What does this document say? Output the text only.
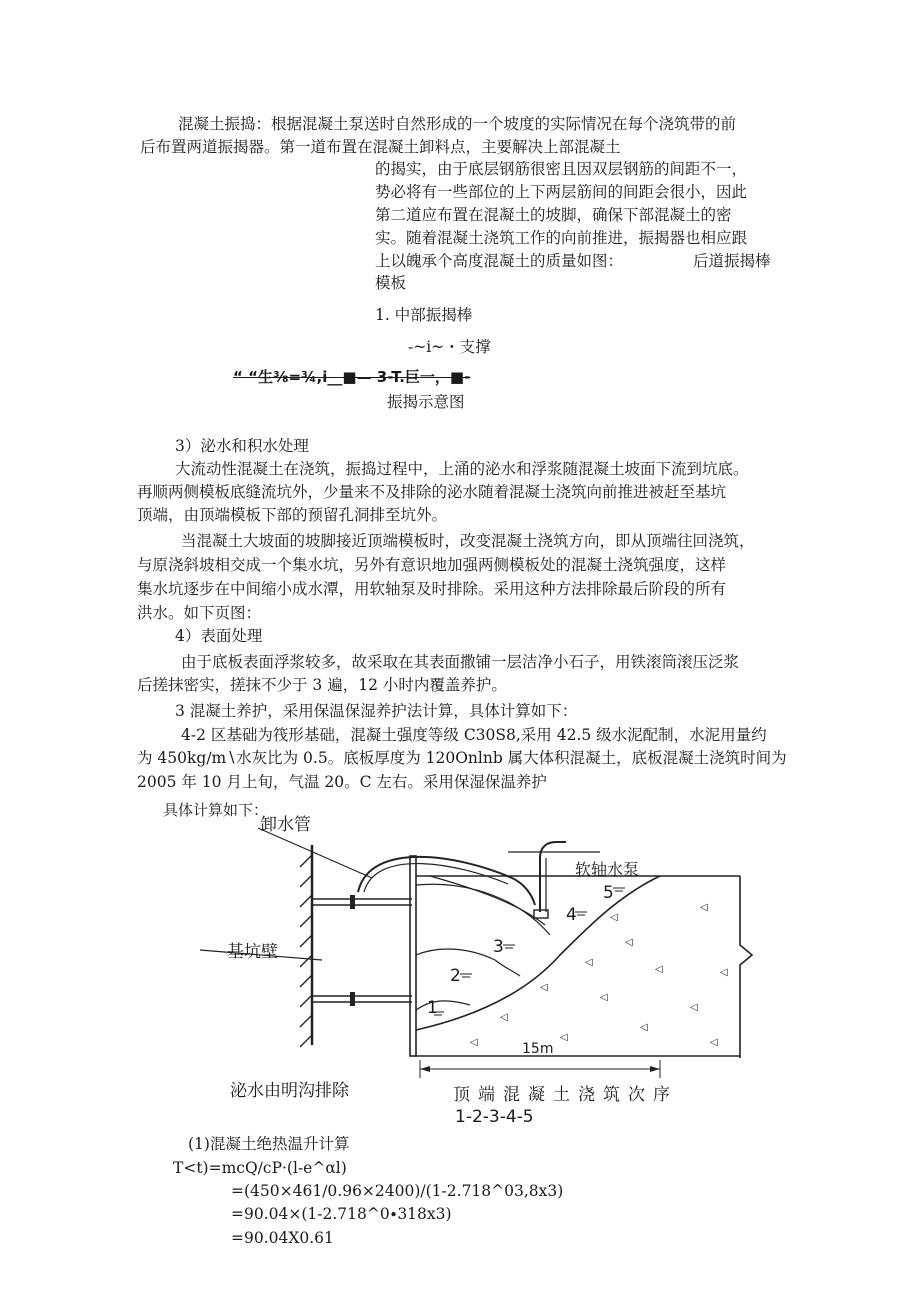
混凝土振捣：根据混凝土泵送时自然形成的一个坡度的实际情况在每个浇筑带的前
后布置两道振揭器。第一道布置在混凝土卸料点，主要解决上部混凝土
的揭实，由于底层钢筋很密且因双层钢筋的间距不一，
势必将有一些部位的上下两层筋间的间距会很小，因此
第二道应布置在混凝土的坡脚，确保下部混凝土的密
实。随着混凝土浇筑工作的向前推进，振揭器也相应跟
上以魄承个高度混凝土的质量如图：	后道振揭棒
模板
1. 中部振揭棒
-~i~・支撑
“ “生⅜=¾,i__■— 3-T.巨一，■-
振揭示意图
3）泌水和积水处理
大流动性混凝土在浇筑，振捣过程中，上涌的泌水和浮浆随混凝土坡面下流到坑底。
再顺两侧模板底缝流坑外，少量来不及排除的泌水随着混凝土浇筑向前推进被赶至基坑
顶端，由顶端模板下部的预留孔洞排至坑外。
当混凝土大坡面的坡脚接近顶端模板时，改变混凝土浇筑方向，即从顶端往回浇筑，
与原浇斜坡相交成一个集水坑，另外有意识地加强两侧模板处的混凝土浇筑强度，这样
集水坑逐步在中间缩小成水潭，用软轴泵及时排除。采用这种方法排除最后阶段的所有
洪水。如下页图：
4）表面处理
由于底板表面浮浆较多，故采取在其表面撒铺一层洁净小石子，用铁滚筒滚压泛浆
后搓抹密实，搓抹不少于 3 遍，12 小时内覆盖养护。
3 混凝土养护，采用保温保湿养护法计算，具体计算如下：
4-2 区基础为筏形基础，混凝土强度等级 C30S8,采用 42.5 级水泥配制，水泥用量约
为 450kg∕m∖水灰比为 0.5。底板厚度为 120Onlnb 属大体积混凝土，底板混凝土浇筑时间为
2005 年 10 月上旬，气温 20。C 左右。采用保湿保温养护
具体计算如下：
◁
◁
◁
◁
◁	◁
◁
◁
◁
◁
◁
◁	◁
◁
卸水管
基坑壁
软轴水泵
1
2
3
4
5
15m
泌水由明沟排除	顶端混凝土浇筑次序
1-2-3-4-5
(1)混凝土绝热温升计算
T<t)=mcQ∕cP·(l-e^αl)
=(450×461∕0.96×2400)/(1-2.718^03,8x3)
=90.04×(1-2.718^0∙318x3)
=90.04X0.61
